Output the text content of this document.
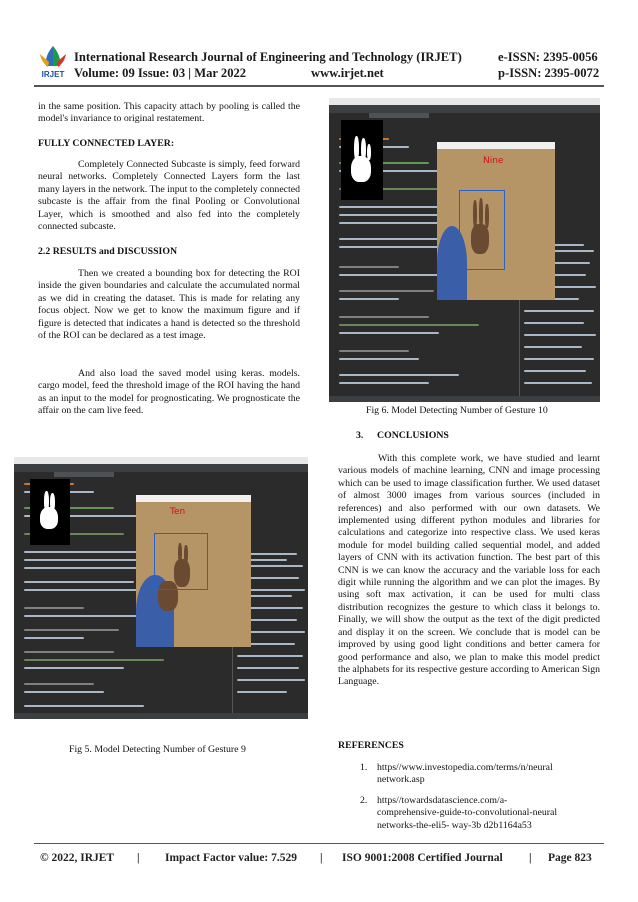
IRJET
International Research Journal of Engineering and Technology (IRJET)	e-ISSN: 2395-0056
Volume: 09 Issue: 03 | Mar 2022	www.irjet.net	p-ISSN: 2395-0072

in the same position. This capacity attach by pooling is called the model's invariance to original restatement.

FULLY CONNECTED LAYER:

Completely Connected Subcaste is simply, feed forward neural networks. Completely Connected Layers form the last many layers in the network. The input to the completely connected subcaste is the affair from the final Pooling or Convolutional Layer, which is smoothed and also fed into the completely connected subcaste.

2.2 RESULTS and DISCUSSION

Then we created a bounding box for detecting the ROI inside the given boundaries and calculate the accumulated normal as we did in creating the dataset. This is made for relating any focus object. Now we get to know the maximum figure and if figure is detected that indicates a hand is detected so the threshold of the ROI can be declared as a test image.

And also load the saved model using keras. models. cargo model, feed the threshold image of the ROI having the hand as an input to the model for prognosticating. We prognosticate the affair on the cam live feed.

Ten
Fig 5. Model Detecting Number of Gesture 9
Nine
Fig 6. Model Detecting Number of Gesture 10
3. CONCLUSIONS

With this complete work, we have studied and learnt various models of machine learning, CNN and image processing which can be used to image classification further. We used dataset of almost 3000 images from various sources (included in references) and also performed with our own datasets. We implemented using different python modules and libraries for calculations and categorize into respective class. We used keras module for model building called sequential model, and added layers of CNN with its activation function. The best part of this CNN is we can know the accuracy and the variable loss for each digit while running the algorithm and we can plot the images. By using soft max activation, it can be used for multi class distribution recognizes the gesture to which class it belongs to. Finally, we will show the output as the text of the digit predicted and display it on the screen. We conclude that is model can be improved by using good light conditions and better camera for good performance and also, we plan to make this model predict the alphabets for its respective gesture according to American Sign Language.

REFERENCES
1. https//www.investopedia.com/terms/n/neural
network.asp
2. https//towardsdatascience.com/a-
comprehensive-guide-to-convolutional-neural
networks-the-eli5- way-3b d2b1164a53
© 2022, IRJET | Impact Factor value: 7.529 | ISO 9001:2008 Certified Journal | Page 823
